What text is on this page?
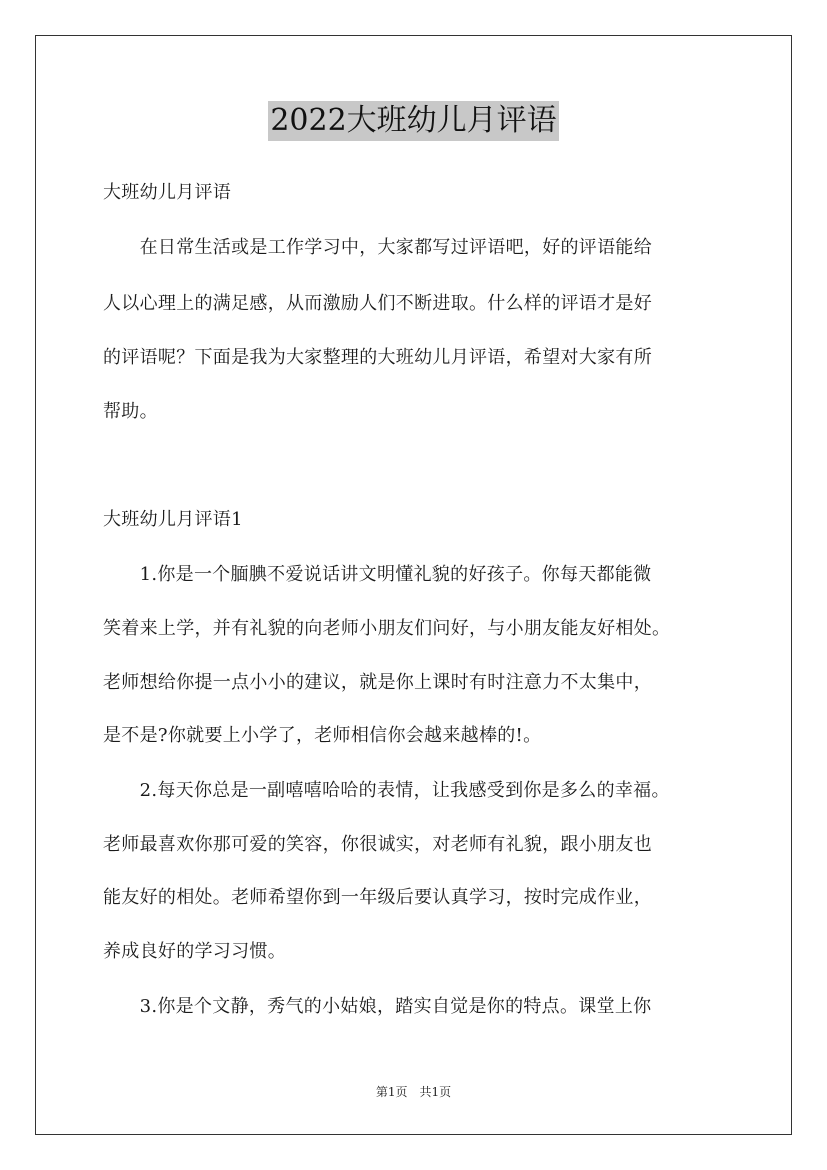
2022大班幼儿月评语
大班幼儿月评语
　　在日常生活或是工作学习中，大家都写过评语吧，好的评语能给
人以心理上的满足感，从而激励人们不断进取。什么样的评语才是好
的评语呢？下面是我为大家整理的大班幼儿月评语，希望对大家有所
帮助。
大班幼儿月评语1
　　1.你是一个腼腆不爱说话讲文明懂礼貌的好孩子。你每天都能微
笑着来上学，并有礼貌的向老师小朋友们问好，与小朋友能友好相处。
老师想给你提一点小小的建议，就是你上课时有时注意力不太集中，
是不是?你就要上小学了，老师相信你会越来越棒的!。
　　2.每天你总是一副嘻嘻哈哈的表情，让我感受到你是多么的幸福。
老师最喜欢你那可爱的笑容，你很诚实，对老师有礼貌，跟小朋友也
能友好的相处。老师希望你到一年级后要认真学习，按时完成作业，
养成良好的学习习惯。
　　3.你是个文静，秀气的小姑娘，踏实自觉是你的特点。课堂上你
第1页　共1页
